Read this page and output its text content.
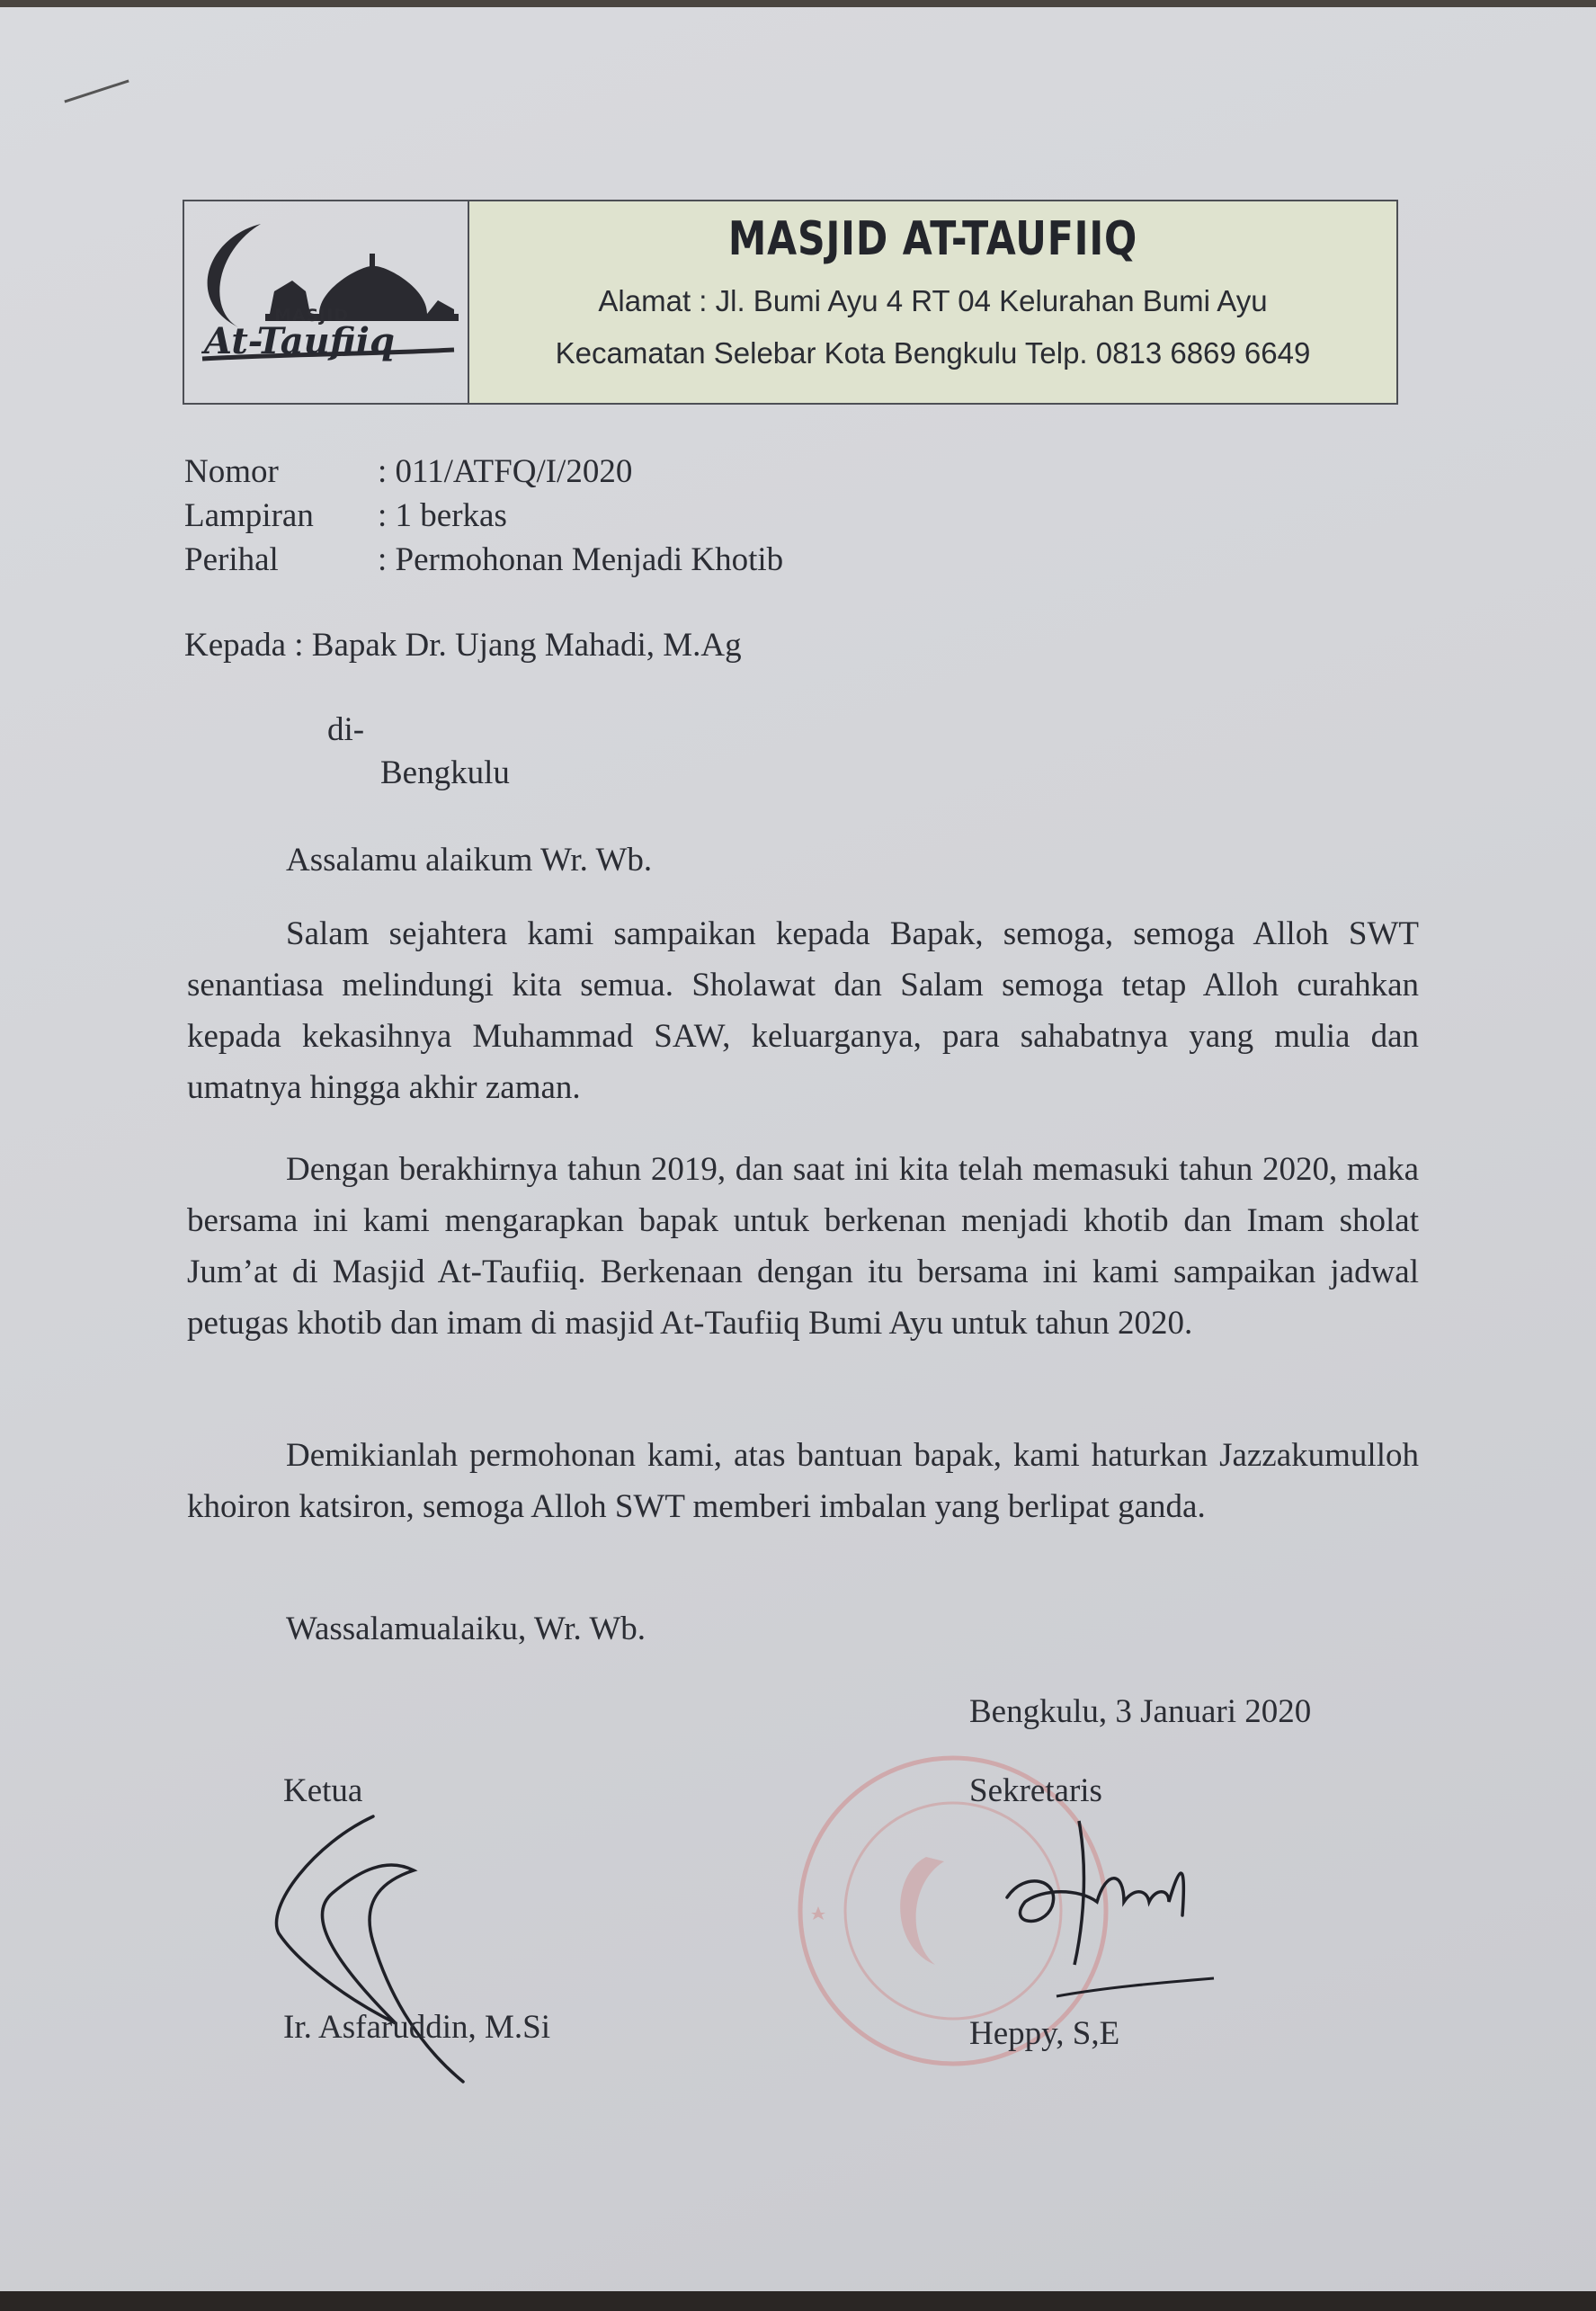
MASJID
At-Taufiiq
MASJID AT-TAUFIIQ
Alamat : Jl. Bumi Ayu 4 RT 04 Kelurahan Bumi Ayu
Kecamatan Selebar Kota Bengkulu Telp. 0813 6869 6649
Nomor	: 011/ATFQ/I/2020
Lampiran	: 1 berkas
Perihal	: Permohonan Menjadi Khotib
Kepada : Bapak Dr. Ujang Mahadi, M.Ag
di-
Bengkulu
Assalamu alaikum Wr. Wb.
Salam sejahtera kami sampaikan kepada Bapak, semoga, semoga Alloh SWT senantiasa melindungi kita semua. Sholawat dan Salam semoga tetap Alloh curahkan kepada kekasihnya Muhammad SAW, keluarganya, para sahabatnya yang mulia dan umatnya hingga akhir zaman.
Dengan berakhirnya tahun 2019, dan saat ini kita telah memasuki tahun 2020, maka bersama ini kami mengarapkan bapak untuk berkenan menjadi khotib dan Imam sholat Jum’at di Masjid At-Taufiiq. Berkenaan dengan itu bersama ini kami sampaikan jadwal petugas khotib dan imam di masjid At-Taufiiq Bumi Ayu untuk tahun 2020.
Demikianlah permohonan kami, atas bantuan bapak, kami haturkan Jazzakumulloh khoiron katsiron, semoga Alloh SWT memberi imbalan yang berlipat ganda.
Wassalamualaiku, Wr. Wb.
Bengkulu, 3 Januari 2020
Ketua	Sekretaris
Ir. Asfaruddin, M.Si	Heppy, S,E
